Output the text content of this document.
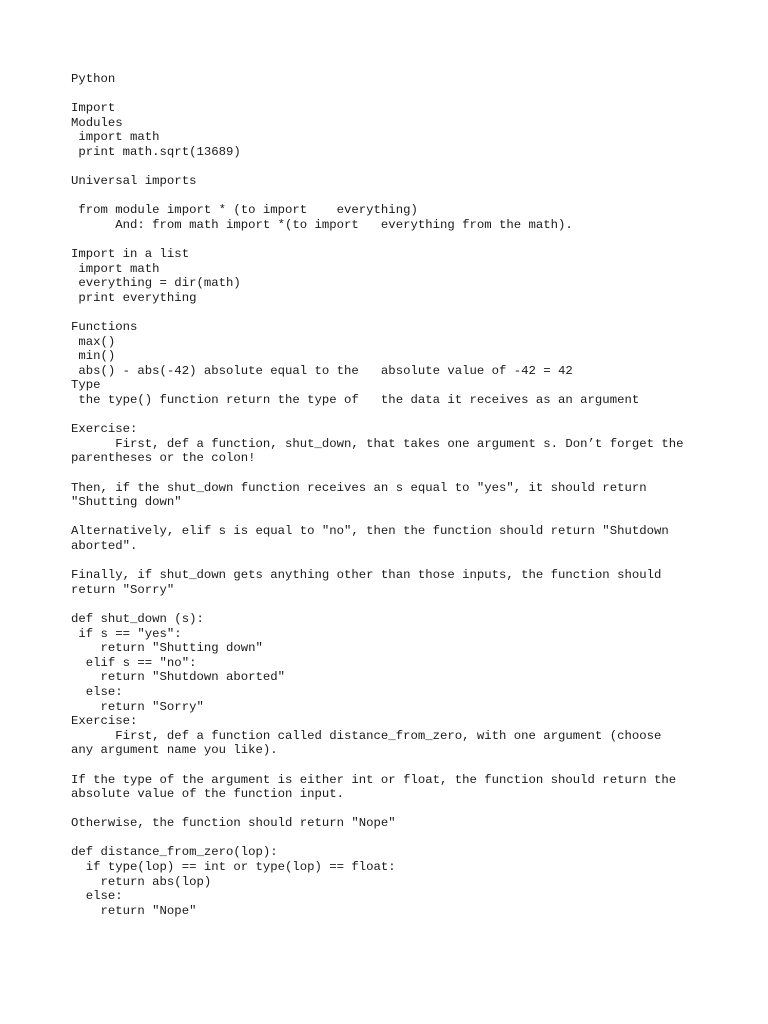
Python
Import
Modules
import math
print math.sqrt(13689)
Universal imports
from module import * (to import    everything)
And: from math import *(to import   everything from the math).
Import in a list
import math
everything = dir(math)
print everything
Functions
max()
min()
abs() - abs(-42) absolute equal to the   absolute value of -42 = 42
Type
the type() function return the type of   the data it receives as an argument
Exercise:
First, def a function, shut_down, that takes one argument s. Don’t forget the
parentheses or the colon!
Then, if the shut_down function receives an s equal to "yes", it should return
"Shutting down"
Alternatively, elif s is equal to "no", then the function should return "Shutdown
aborted".
Finally, if shut_down gets anything other than those inputs, the function should
return "Sorry"
def shut_down (s):
if s == "yes":
return "Shutting down"
elif s == "no":
return "Shutdown aborted"
else:
return "Sorry"
Exercise:
First, def a function called distance_from_zero, with one argument (choose
any argument name you like).
If the type of the argument is either int or float, the function should return the
absolute value of the function input.
Otherwise, the function should return "Nope"
def distance_from_zero(lop):
if type(lop) == int or type(lop) == float:
return abs(lop)
else:
return "Nope"
